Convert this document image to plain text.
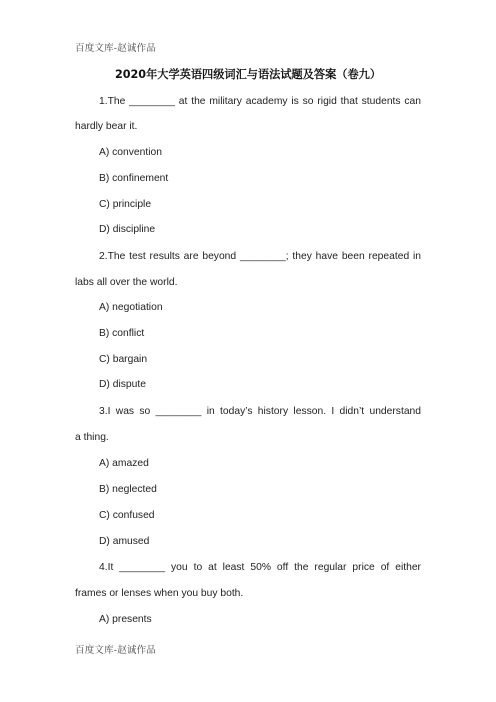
百度文库-赵诚作品
2020年大学英语四级词汇与语法试题及答案（卷九）
1.The ________ at the military academy is so rigid that students can
hardly bear it.
A) convention
B) confinement
C) principle
D) discipline
2.The test results are beyond ________; they have been repeated in
labs all over the world.
A) negotiation
B) conflict
C) bargain
D) dispute
3.I was so ________ in today’s history lesson. I didn’t understand
a thing.
A) amazed
B) neglected
C) confused
D) amused
4.It ________ you to at least 50% off the regular price of either
frames or lenses when you buy both.
A) presents
百度文库-赵诚作品
